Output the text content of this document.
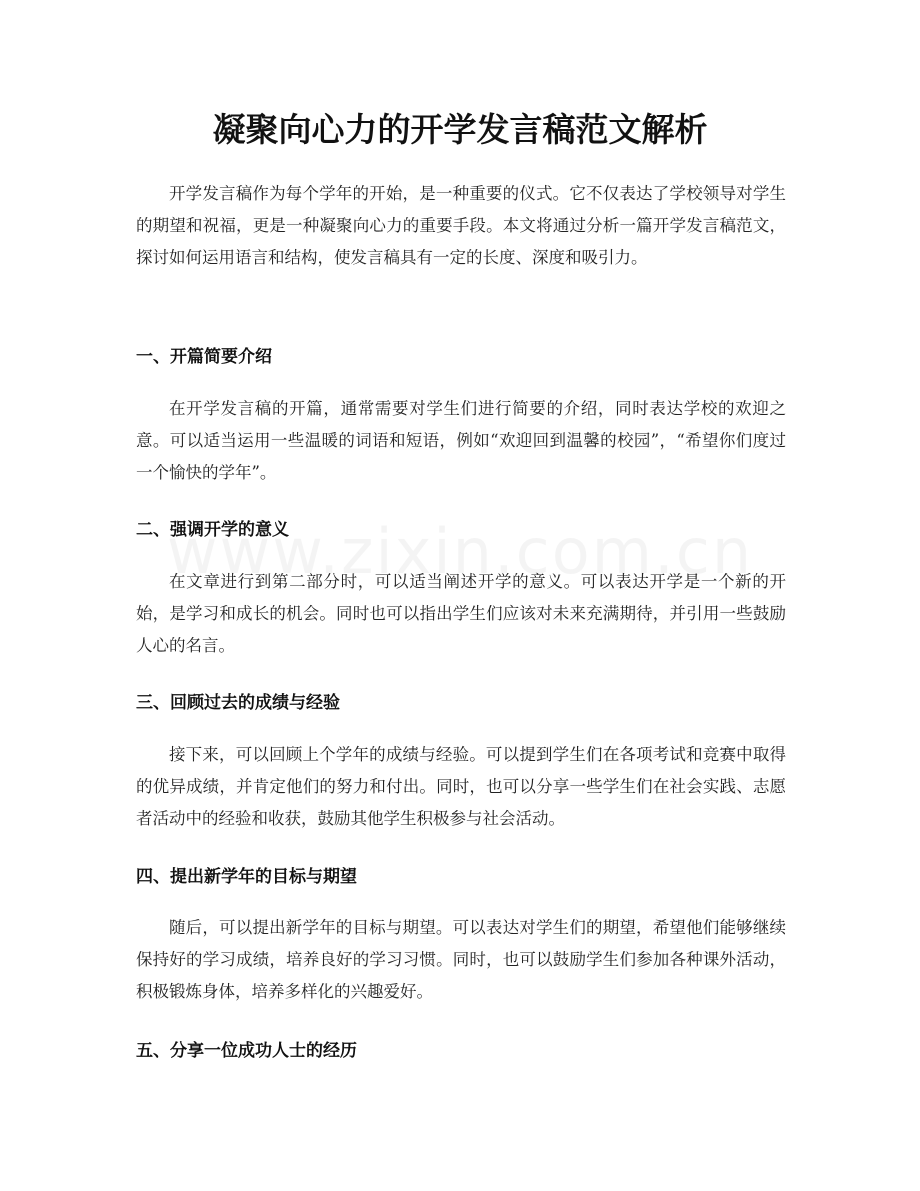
凝聚向心力的开学发言稿范文解析

开学发言稿作为每个学年的开始，是一种重要的仪式。它不仅表达了学校领导对学生的期望和祝福，更是一种凝聚向心力的重要手段。本文将通过分析一篇开学发言稿范文，探讨如何运用语言和结构，使发言稿具有一定的长度、深度和吸引力。

一、开篇简要介绍

在开学发言稿的开篇，通常需要对学生们进行简要的介绍，同时表达学校的欢迎之意。可以适当运用一些温暖的词语和短语，例如“欢迎回到温馨的校园”，“希望你们度过一个愉快的学年”。

二、强调开学的意义

在文章进行到第二部分时，可以适当阐述开学的意义。可以表达开学是一个新的开始，是学习和成长的机会。同时也可以指出学生们应该对未来充满期待，并引用一些鼓励人心的名言。

三、回顾过去的成绩与经验

接下来，可以回顾上个学年的成绩与经验。可以提到学生们在各项考试和竞赛中取得的优异成绩，并肯定他们的努力和付出。同时，也可以分享一些学生们在社会实践、志愿者活动中的经验和收获，鼓励其他学生积极参与社会活动。

四、提出新学年的目标与期望

随后，可以提出新学年的目标与期望。可以表达对学生们的期望，希望他们能够继续保持好的学习成绩，培养良好的学习习惯。同时，也可以鼓励学生们参加各种课外活动，积极锻炼身体，培养多样化的兴趣爱好。

五、分享一位成功人士的经历
